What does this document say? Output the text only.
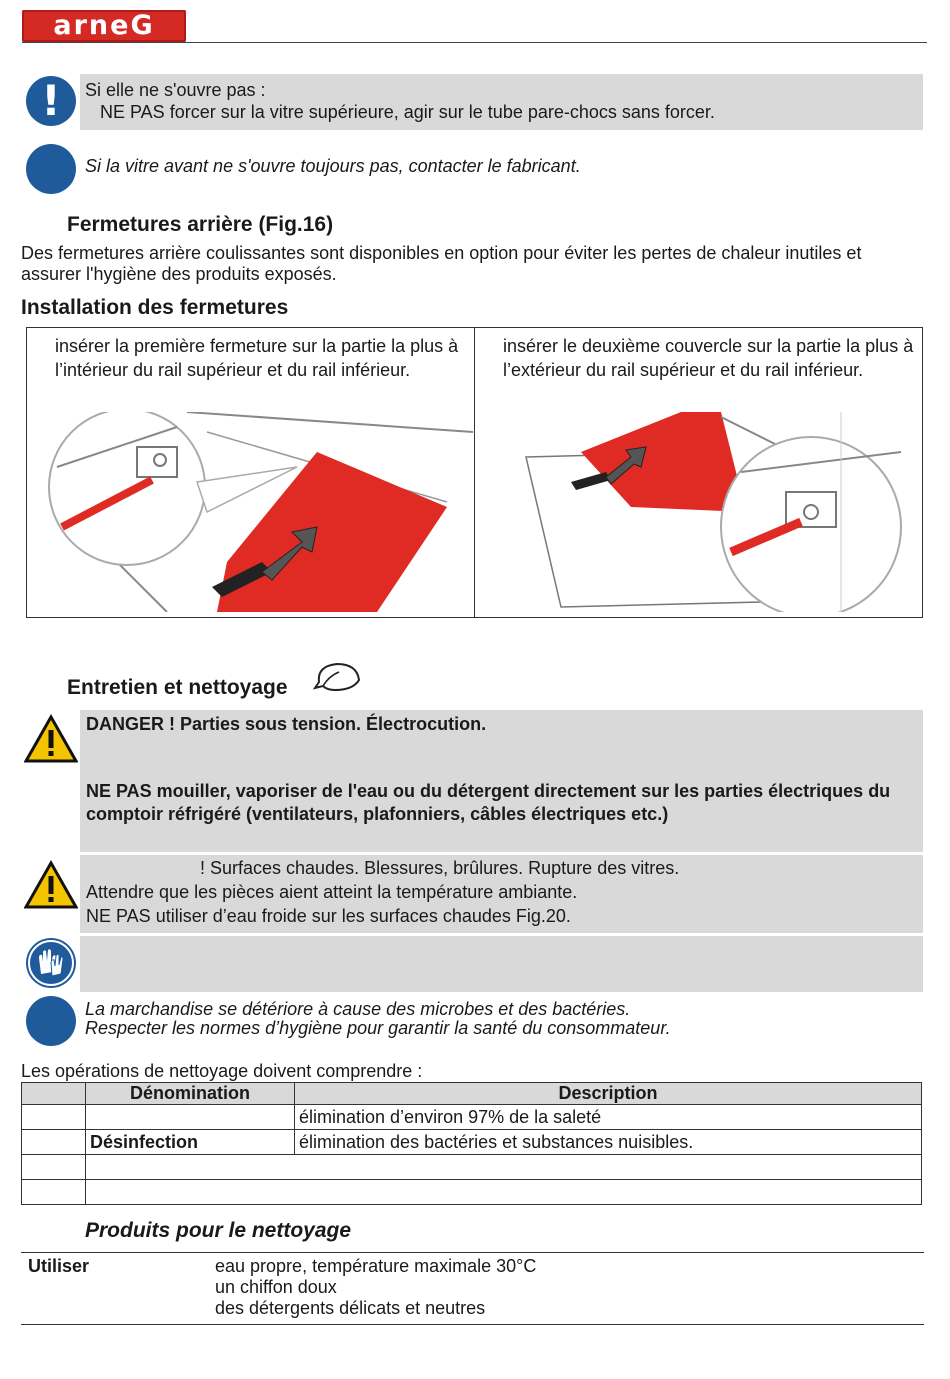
arneG
!	Si elle ne s'ouvre pas :
NE PAS forcer sur la vitre supérieure, agir sur le tube pare-chocs sans forcer.
Si la vitre avant ne s'ouvre toujours pas, contacter le fabricant.
Fermetures arrière (Fig.16)
Des fermetures arrière coulissantes sont disponibles en option pour éviter les pertes de chaleur inutiles et assurer l'hygiène des produits exposés.
Installation des fermetures
insérer la première fermeture sur la partie la plus à l’intérieur du rail supérieur et du rail inférieur.
insérer le deuxième couvercle sur la partie la plus à l’extérieur du rail supérieur et du rail inférieur.
Entretien et nettoyage
DANGER ! Parties sous tension. Électrocution.
NE PAS mouiller, vaporiser de l'eau ou du détergent directement sur les parties électriques du comptoir réfrigéré (ventilateurs, plafonniers, câbles électriques etc.)
! Surfaces chaudes. Blessures, brûlures. Rupture des vitres.
Attendre que les pièces aient atteint la température ambiante.
NE PAS utiliser d’eau froide sur les surfaces chaudes Fig.20.
La marchandise se détériore à cause des microbes et des bactéries.
Respecter les normes d’hygiène pour garantir la santé du consommateur.
Les opérations de nettoyage doivent comprendre :
	Dénomination	Description
		élimination d’environ 97% de la saleté
	Désinfection	élimination des bactéries et substances nuisibles.

Produits pour le nettoyage
Utiliser	eau propre, température maximale 30°C
un chiffon doux
des détergents délicats et neutres
